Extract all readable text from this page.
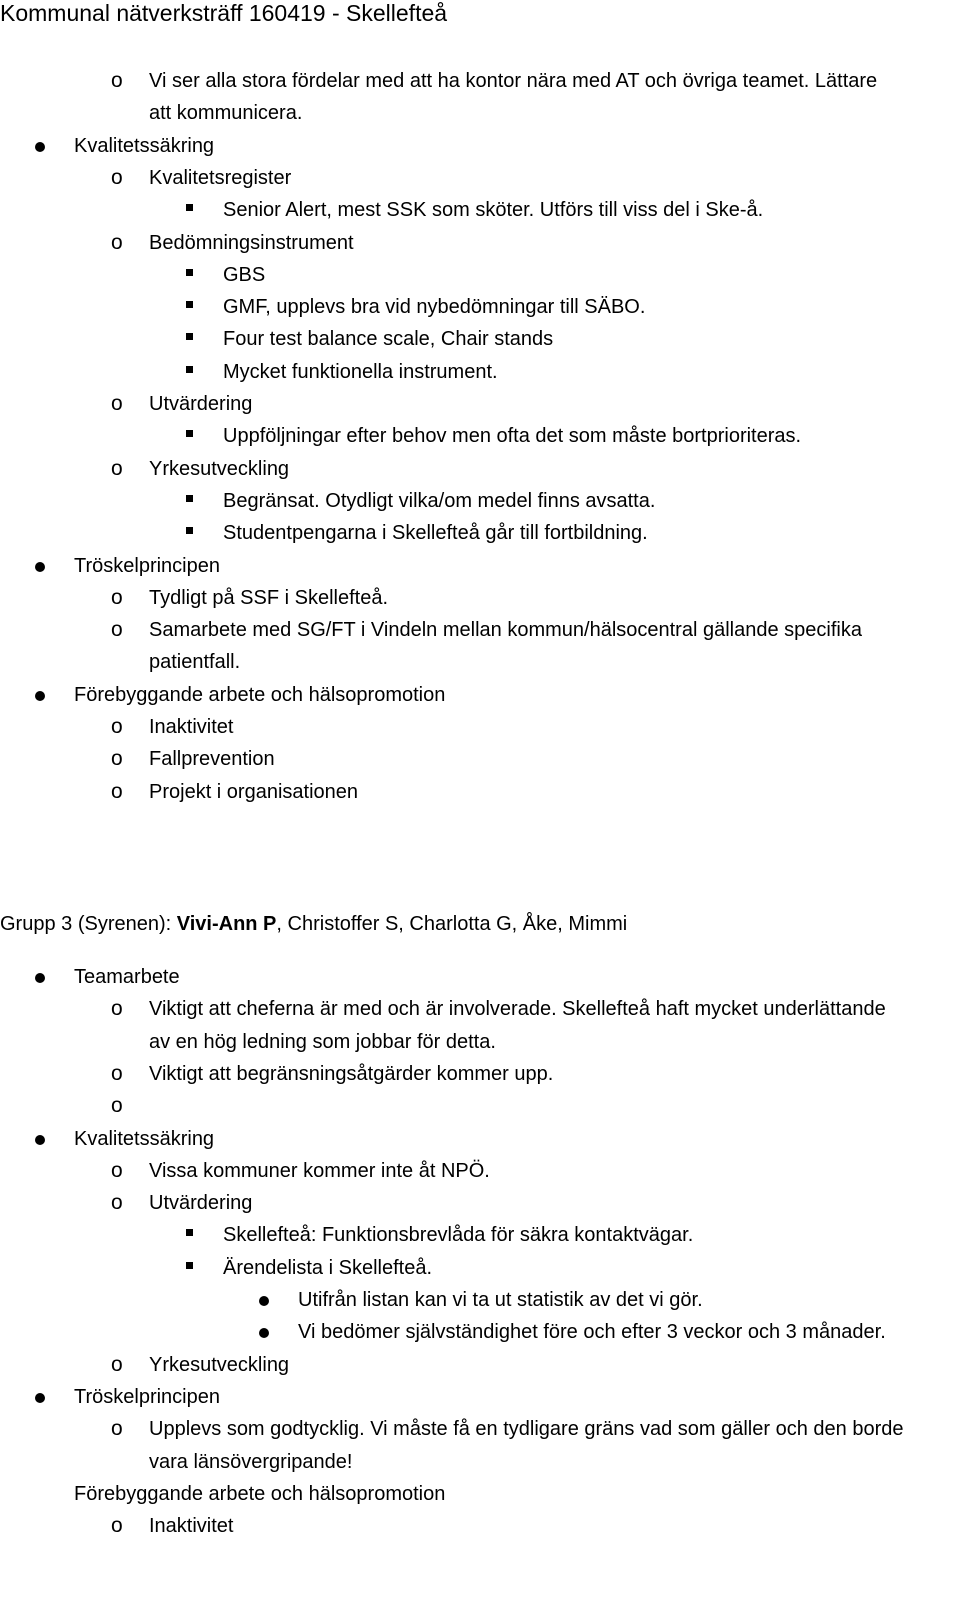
Kommunal nätverksträff 160419 - Skellefteå
o Vi ser alla stora fördelar med att ha kontor nära med AT och övriga teamet. Lättare
att kommunicera.
Kvalitetssäkring
o Kvalitetsregister
Senior Alert, mest SSK som sköter. Utförs till viss del i Ske-å.
o Bedömningsinstrument
GBS
GMF, upplevs bra vid nybedömningar till SÄBO.
Four test balance scale, Chair stands
Mycket funktionella instrument.
o Utvärdering
Uppföljningar efter behov men ofta det som måste bortprioriteras.
o Yrkesutveckling
Begränsat. Otydligt vilka/om medel finns avsatta.
Studentpengarna i Skellefteå går till fortbildning.
Tröskelprincipen
o Tydligt på SSF i Skellefteå.
o Samarbete med SG/FT i Vindeln mellan kommun/hälsocentral gällande specifika
patientfall.
Förebyggande arbete och hälsopromotion
o Inaktivitet
o Fallprevention
o Projekt i organisationen
Teamarbete
o Viktigt att cheferna är med och är involverade. Skellefteå haft mycket underlättande
av en hög ledning som jobbar för detta.
o Viktigt att begränsningsåtgärder kommer upp.
o
Kvalitetssäkring
o Vissa kommuner kommer inte åt NPÖ.
o Utvärdering
Skellefteå: Funktionsbrevlåda för säkra kontaktvägar.
Ärendelista i Skellefteå.
Utifrån listan kan vi ta ut statistik av det vi gör.
Vi bedömer självständighet före och efter 3 veckor och 3 månader.
o Yrkesutveckling
Tröskelprincipen
o Upplevs som godtycklig. Vi måste få en tydligare gräns vad som gäller och den borde
vara länsövergripande!
Förebyggande arbete och hälsopromotion
o Inaktivitet
Grupp 3 (Syrenen): Vivi-Ann P, Christoffer S, Charlotta G, Åke, Mimmi
